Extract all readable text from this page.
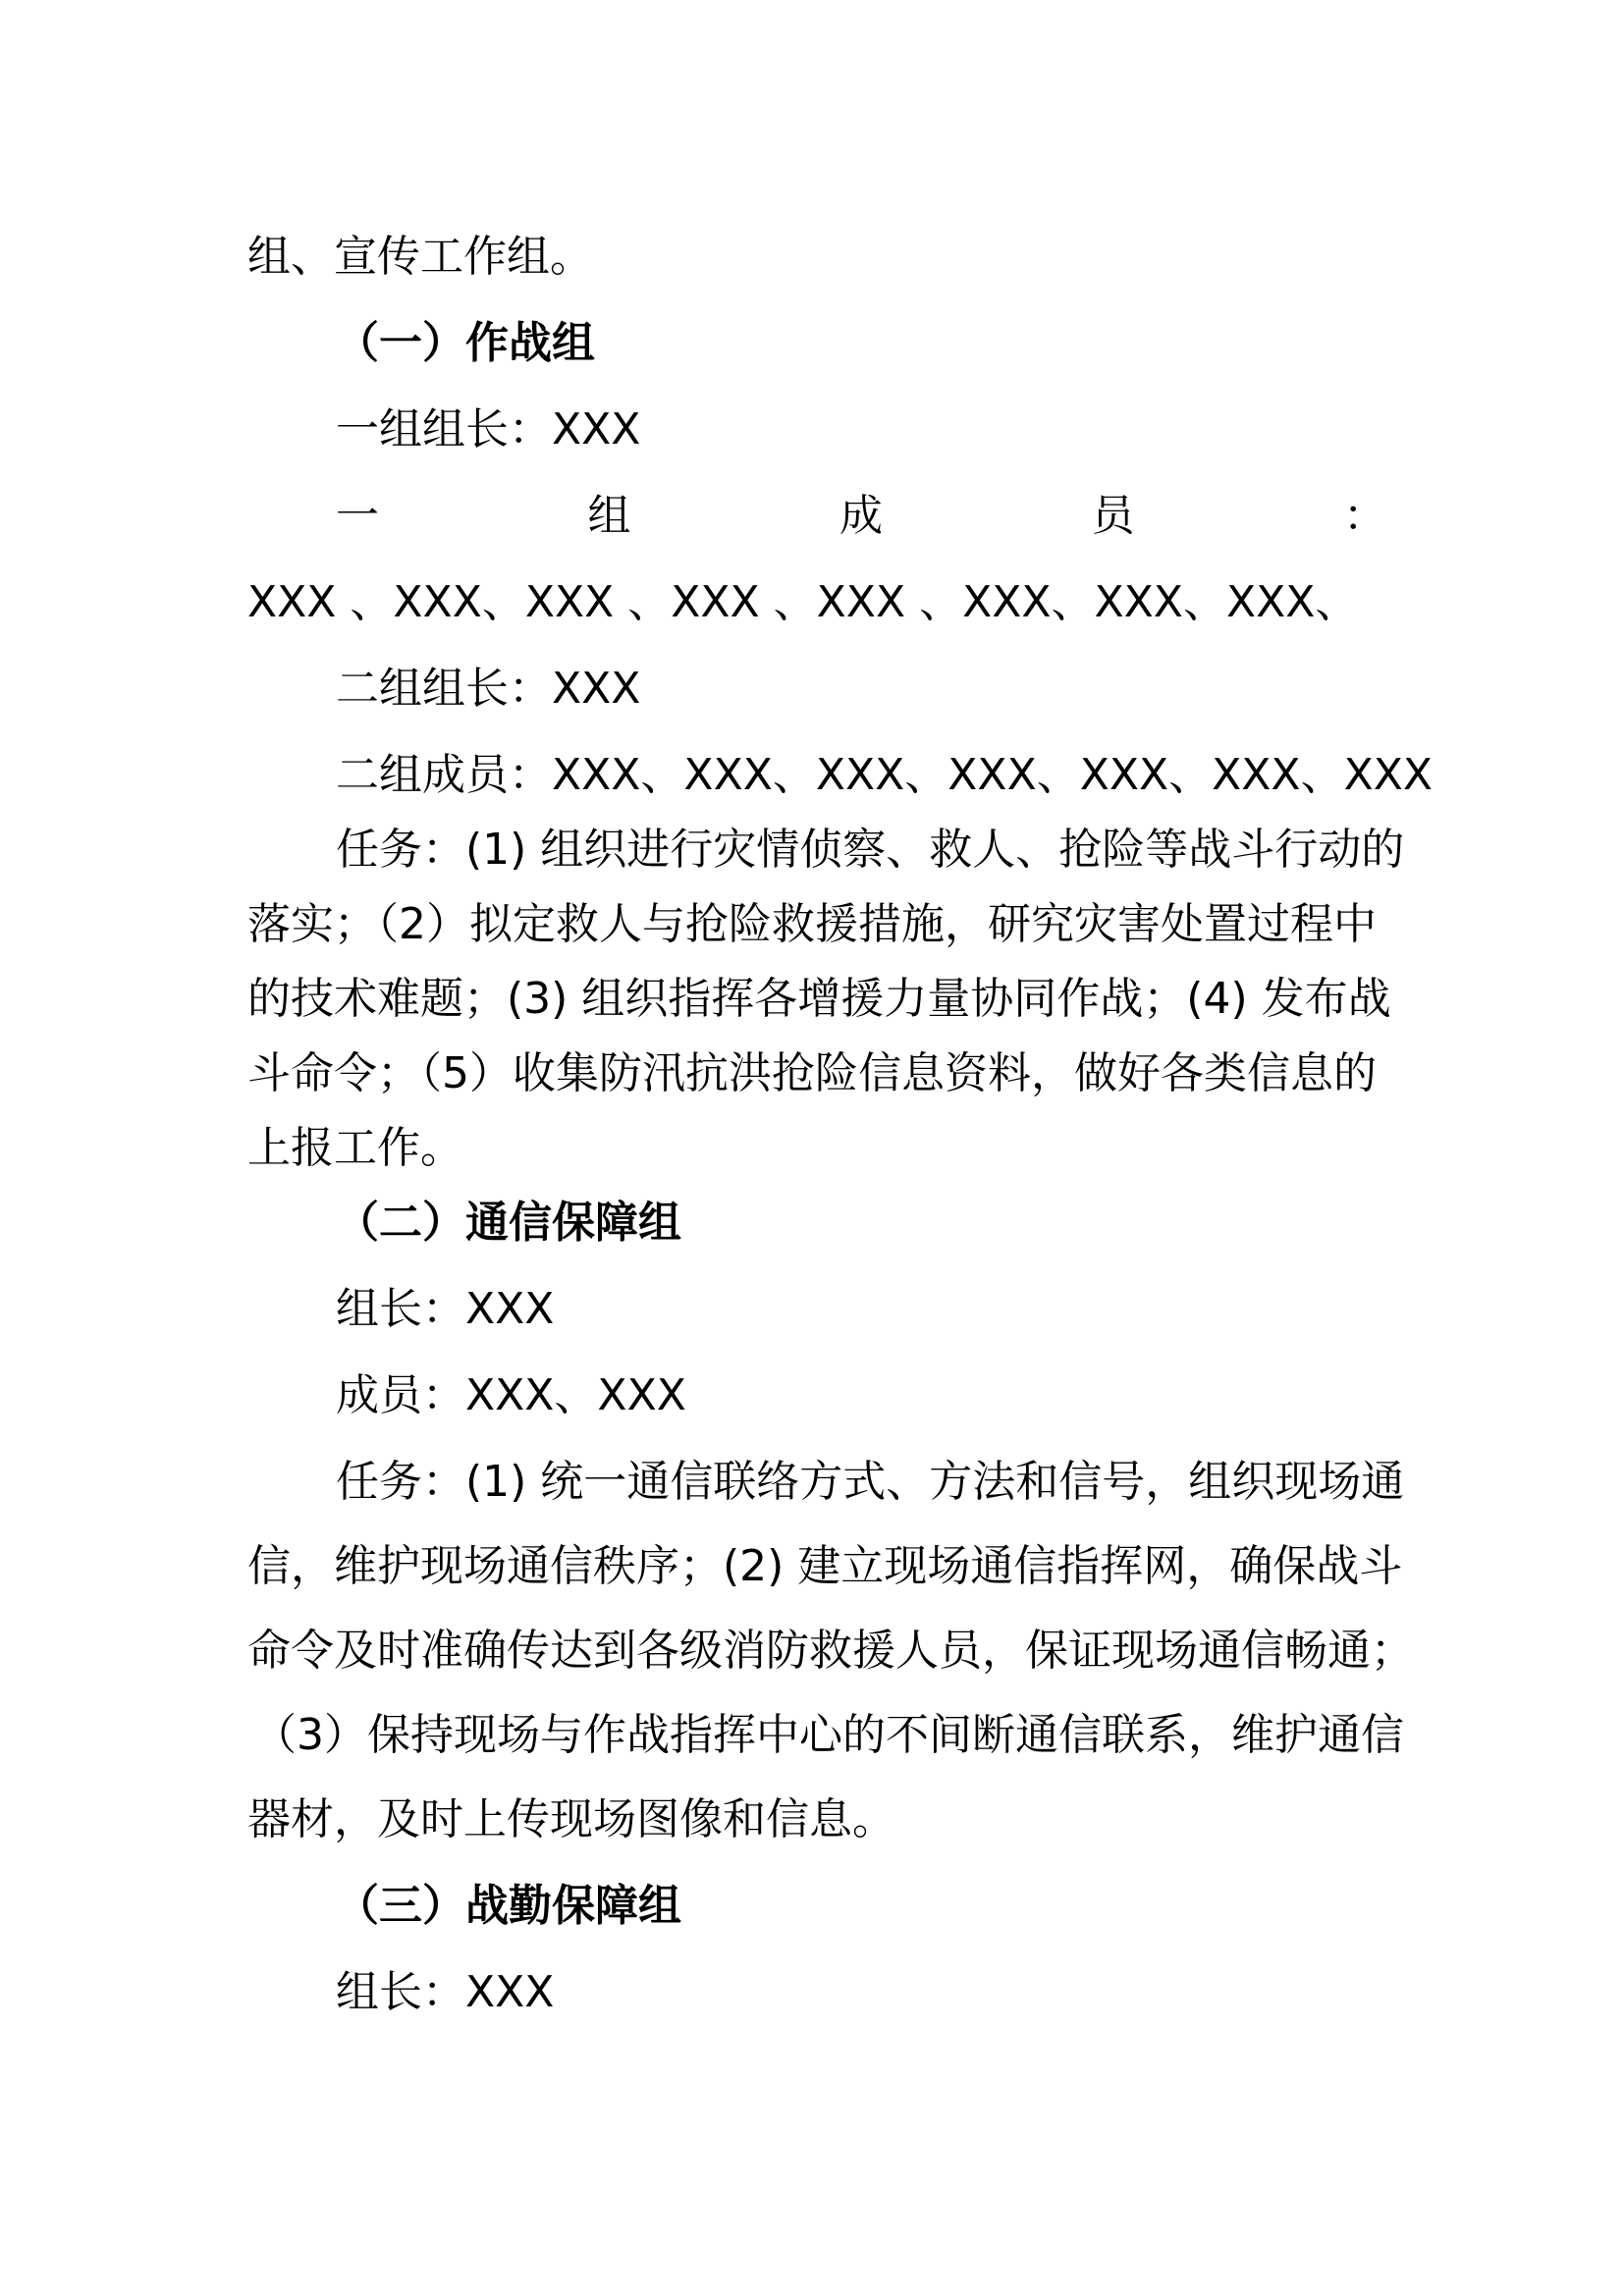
组、宣传工作组。
（一）作战组
一组组长：XXX
一	组	成	员	：
XXX 、XXX、XXX 、XXX 、XXX 、XXX、XXX、XXX、
二组组长：XXX
二组成员：XXX、XXX、XXX、XXX、XXX、XXX、XXX
任务：(1) 组织进行灾情侦察、救人、抢险等战斗行动的
落实；（2）拟定救人与抢险救援措施，研究灾害处置过程中
的技术难题；(3) 组织指挥各增援力量协同作战；(4) 发布战
斗命令；（5）收集防汛抗洪抢险信息资料，做好各类信息的
上报工作。
（二）通信保障组
组长：XXX
成员：XXX、XXX
任务：(1) 统一通信联络方式、方法和信号，组织现场通
信，维护现场通信秩序；(2) 建立现场通信指挥网，确保战斗
命令及时准确传达到各级消防救援人员，保证现场通信畅通；
（3）保持现场与作战指挥中心的不间断通信联系，维护通信
器材，及时上传现场图像和信息。
（三）战勤保障组
组长：XXX
